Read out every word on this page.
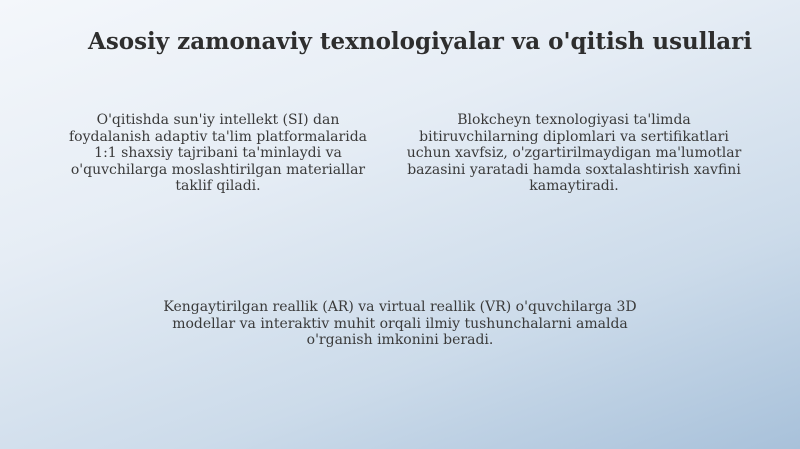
Asosiy zamonaviy texnologiyalar va o'qitish usullari

O'qitishda sun'iy intellekt (SI) dan foydalanish adaptiv ta'lim platformalarida 1:1 shaxsiy tajribani ta'minlaydi va o'quvchilarga moslashtirilgan materiallar taklif qiladi.

Blokcheyn texnologiyasi ta'limda bitiruvchilarning diplomlari va sertifikatlari uchun xavfsiz, o'zgartirilmaydigan ma'lumotlar bazasini yaratadi hamda soxtalashtirish xavfini kamaytiradi.

Kengaytirilgan reallik (AR) va virtual reallik (VR) o'quvchilarga 3D modellar va interaktiv muhit orqali ilmiy tushunchalarni amalda o'rganish imkonini beradi.
